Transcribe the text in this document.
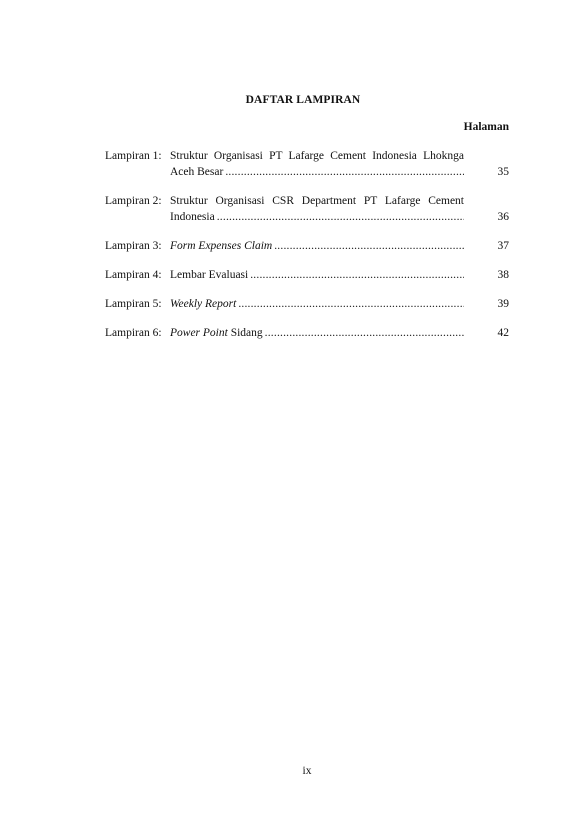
DAFTAR LAMPIRAN
Halaman
Lampiran 1: Struktur Organisasi PT Lafarge Cement Indonesia Lhoknga
Aceh Besar .....	35
Lampiran 2: Struktur Organisasi CSR Department PT Lafarge Cement
Indonesia .....	36
Lampiran 3: Form Expenses Claim .....	37
Lampiran 4: Lembar Evaluasi .....	38
Lampiran 5: Weekly Report .....	39
Lampiran 6: Power Point Sidang .....	42
ix
